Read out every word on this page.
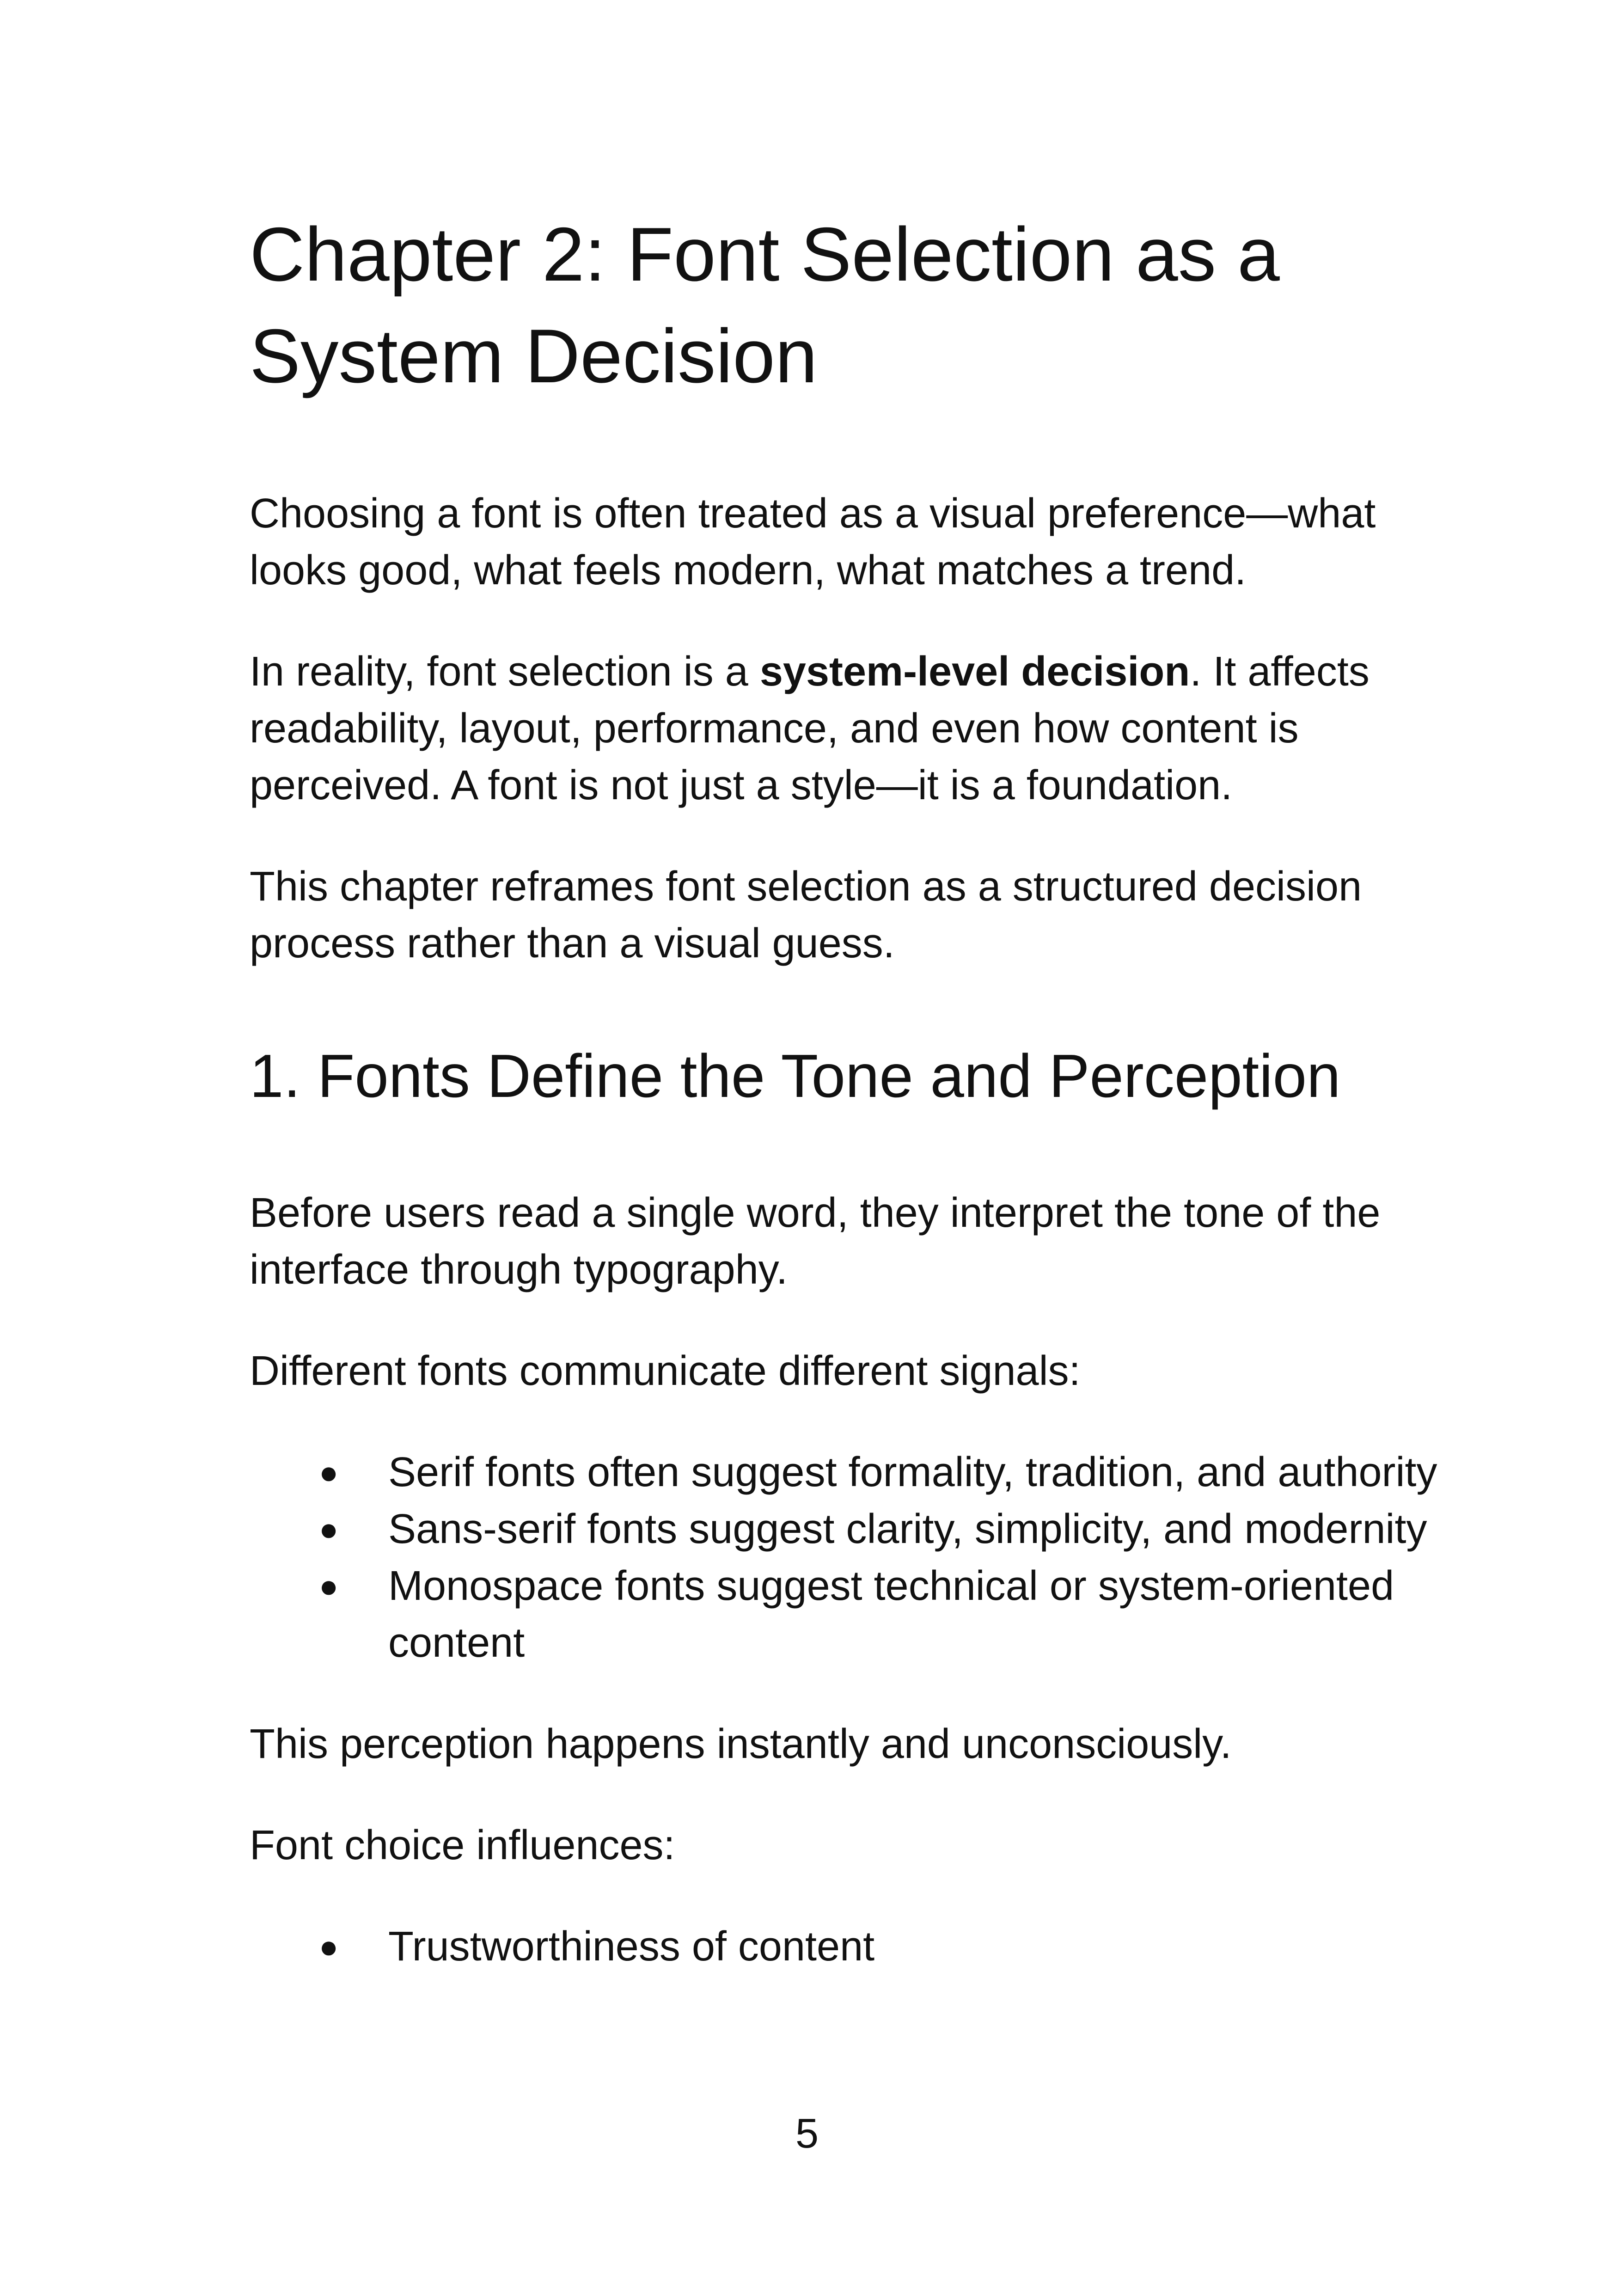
Chapter 2: Font Selection as a System Decision

Choosing a font is often treated as a visual preference—what looks good, what feels modern, what matches a trend.

In reality, font selection is a system-level decision. It affects readability, layout, performance, and even how content is perceived. A font is not just a style—it is a foundation.

This chapter reframes font selection as a structured decision process rather than a visual guess.

1. Fonts Define the Tone and Perception

Before users read a single word, they interpret the tone of the interface through typography.

Different fonts communicate different signals:

● Serif fonts often suggest formality, tradition, and authority
● Sans-serif fonts suggest clarity, simplicity, and modernity
● Monospace fonts suggest technical or system-oriented content

This perception happens instantly and unconsciously.

Font choice influences:

● Trustworthiness of content
5
